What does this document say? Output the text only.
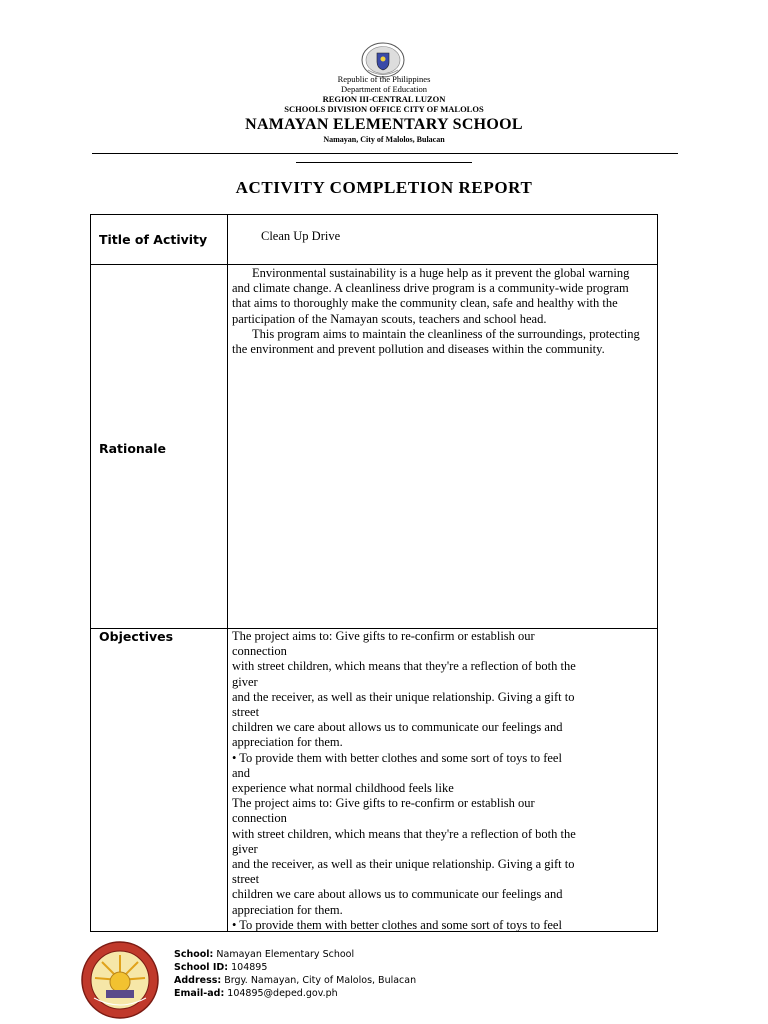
Republic of the Philippines
Department of Education
REGION III-CENTRAL LUZON
SCHOOLS DIVISION OFFICE CITY OF MALOLOS
NAMAYAN ELEMENTARY SCHOOL
Namayan, City of Malolos, Bulacan
ACTIVITY COMPLETION REPORT
Title of Activity	Clean Up Drive
Rationale

Environmental sustainability is a huge help as it prevent the global warning and climate change. A cleanliness drive program is a community-wide program that aims to thoroughly make the community clean, safe and healthy with the participation of the Namayan scouts, teachers and school head.

This program aims to maintain the cleanliness of the surroundings, protecting the environment and prevent pollution and diseases within the community.

Objectives	The project aims to: Give gifts to re-confirm or establish our

connection

with street children, which means that they're a reflection of both the

giver

and the receiver, as well as their unique relationship. Giving a gift to

street

children we care about allows us to communicate our feelings and

appreciation for them.

• To provide them with better clothes and some sort of toys to feel

and

experience what normal childhood feels like

The project aims to: Give gifts to re-confirm or establish our

connection

with street children, which means that they're a reflection of both the

giver

and the receiver, as well as their unique relationship. Giving a gift to

street

children we care about allows us to communicate our feelings and

appreciation for them.

• To provide them with better clothes and some sort of toys to feel

School: Namayan Elementary School
School ID: 104895
Address: Brgy. Namayan, City of Malolos, Bulacan
Email-ad: 104895@deped.gov.ph
